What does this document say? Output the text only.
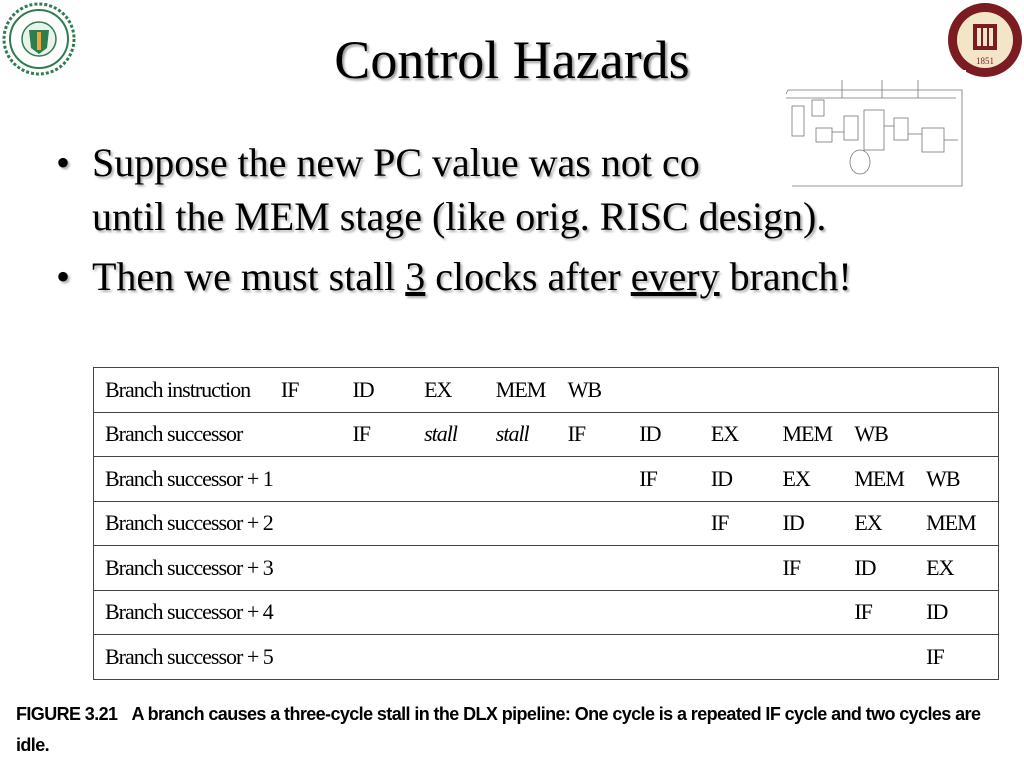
1851
Control Hazards
• Suppose the new PC value was not co
until the MEM stage (like orig. RISC design).
• Then we must stall 3 clocks after every branch!
Branch instruction	IF	ID	EX	MEM	WB					
Branch successor		IF	stall	stall	IF	ID	EX	MEM	WB	
Branch successor + 1						IF	ID	EX	MEM	WB
Branch successor + 2							IF	ID	EX	MEM
Branch successor + 3								IF	ID	EX
Branch successor + 4									IF	ID
Branch successor + 5										IF
FIGURE 3.21 A branch causes a three-cycle stall in the DLX pipeline: One cycle is a repeated IF cycle and two cycles are idle.
